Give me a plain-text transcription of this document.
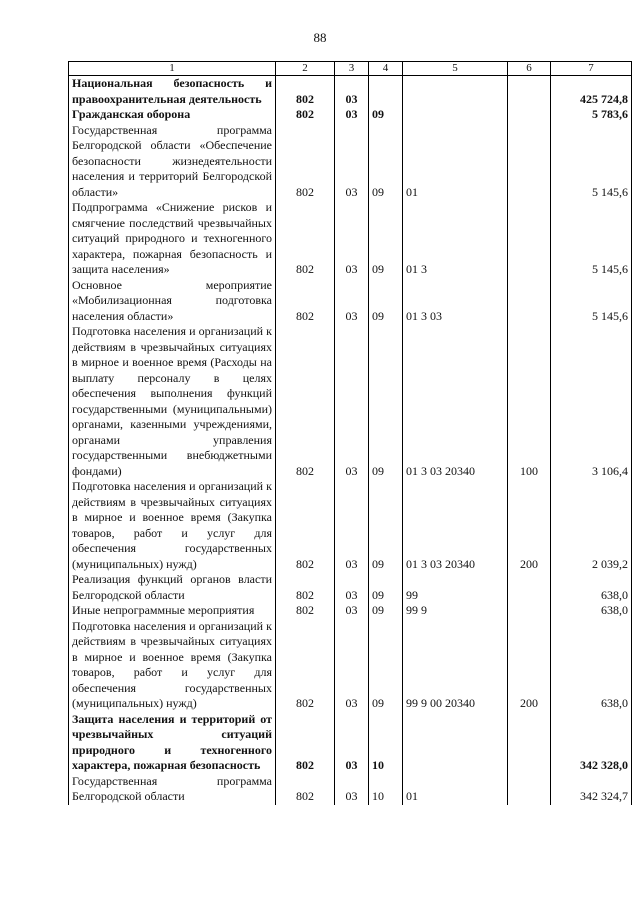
88
1	2	3	4	5	6	7
Национальная безопасность и правоохранительная деятельность	802	03				425 724,8
Гражданская оборона	802	03	09			5 783,6
Государственная программа Белгородской области «Обеспечение безопасности жизнедеятельности населения и территорий Белгородской области»	802	03	09	01		5 145,6
Подпрограмма «Снижение рисков и смягчение последствий чрезвычайных ситуаций природного и техногенного характера, пожарная безопасность и защита населения»	802	03	09	01 3		5 145,6
Основное мероприятие «Мобилизационная подготовка населения области»	802	03	09	01 3 03		5 145,6
Подготовка населения и организаций к действиям в чрезвычайных ситуациях в мирное и военное время (Расходы на выплату персоналу в целях обеспечения выполнения функций государственными (муниципальными) органами, казенными учреждениями, органами управления государственными внебюджетными фондами)	802	03	09	01 3 03 20340	100	3 106,4
Подготовка населения и организаций к действиям в чрезвычайных ситуациях в мирное и военное время (Закупка товаров, работ и услуг для обеспечения государственных (муниципальных) нужд)	802	03	09	01 3 03 20340	200	2 039,2
Реализация функций органов власти Белгородской области	802	03	09	99		638,0
Иные непрограммные мероприятия	802	03	09	99 9		638,0
Подготовка населения и организаций к действиям в чрезвычайных ситуациях в мирное и военное время (Закупка товаров, работ и услуг для обеспечения государственных (муниципальных) нужд)	802	03	09	99 9 00 20340	200	638,0
Защита населения и территорий от чрезвычайных ситуаций природного и техногенного характера, пожарная безопасность	802	03	10			342 328,0
Государственная программа Белгородской области	802	03	10	01		342 324,7
